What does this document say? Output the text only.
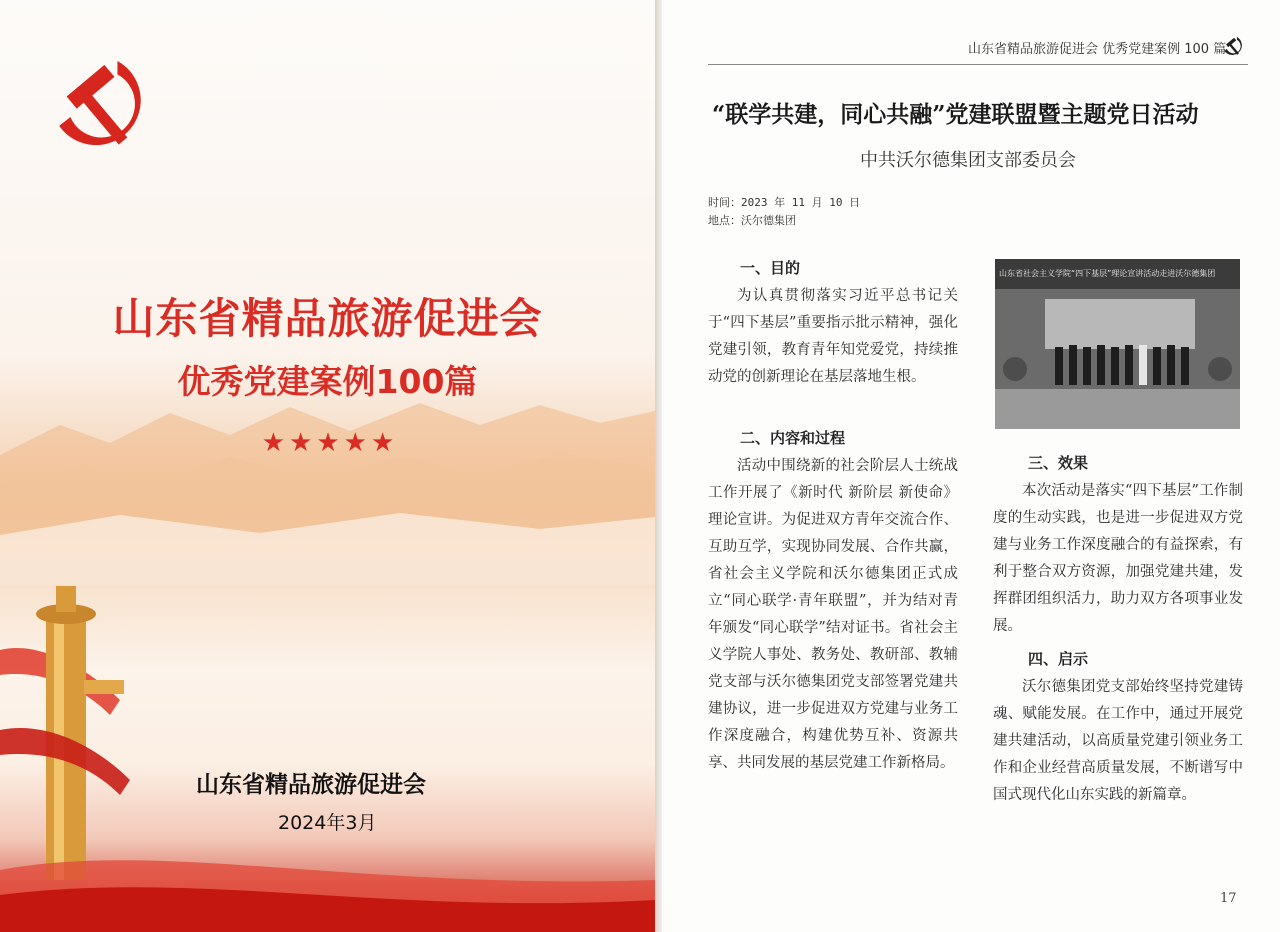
山东省精品旅游促进会
优秀党建案例100篇
★★★★★

山东省精品旅游促进会

2024年3月

山东省精品旅游促进会 优秀党建案例 100 篇
“联学共建，同心共融”党建联盟暨主题党日活动

中共沃尔德集团支部委员会

时间：2023 年 11 月 10 日
地点：沃尔德集团
一、目的

为认真贯彻落实习近平总书记关于“四下基层”重要指示批示精神，强化党建引领，教育青年知党爱党，持续推动党的创新理论在基层落地生根。

二、内容和过程

活动中围绕新的社会阶层人士统战工作开展了《新时代 新阶层 新使命》理论宣讲。为促进双方青年交流合作、互助互学，实现协同发展、合作共赢，省社会主义学院和沃尔德集团正式成立“同心联学·青年联盟”，并为结对青年颁发“同心联学”结对证书。省社会主义学院人事处、教务处、教研部、教辅党支部与沃尔德集团党支部签署党建共建协议，进一步促进双方党建与业务工作深度融合，构建优势互补、资源共享、共同发展的基层党建工作新格局。

山东省社会主义学院“四下基层”理论宣讲活动走进沃尔德集团
三、效果

本次活动是落实“四下基层”工作制度的生动实践，也是进一步促进双方党建与业务工作深度融合的有益探索，有利于整合双方资源，加强党建共建，发挥群团组织活力，助力双方各项事业发展。

四、启示

沃尔德集团党支部始终坚持党建铸魂、赋能发展。在工作中，通过开展党建共建活动，以高质量党建引领业务工作和企业经营高质量发展，不断谱写中国式现代化山东实践的新篇章。

17
